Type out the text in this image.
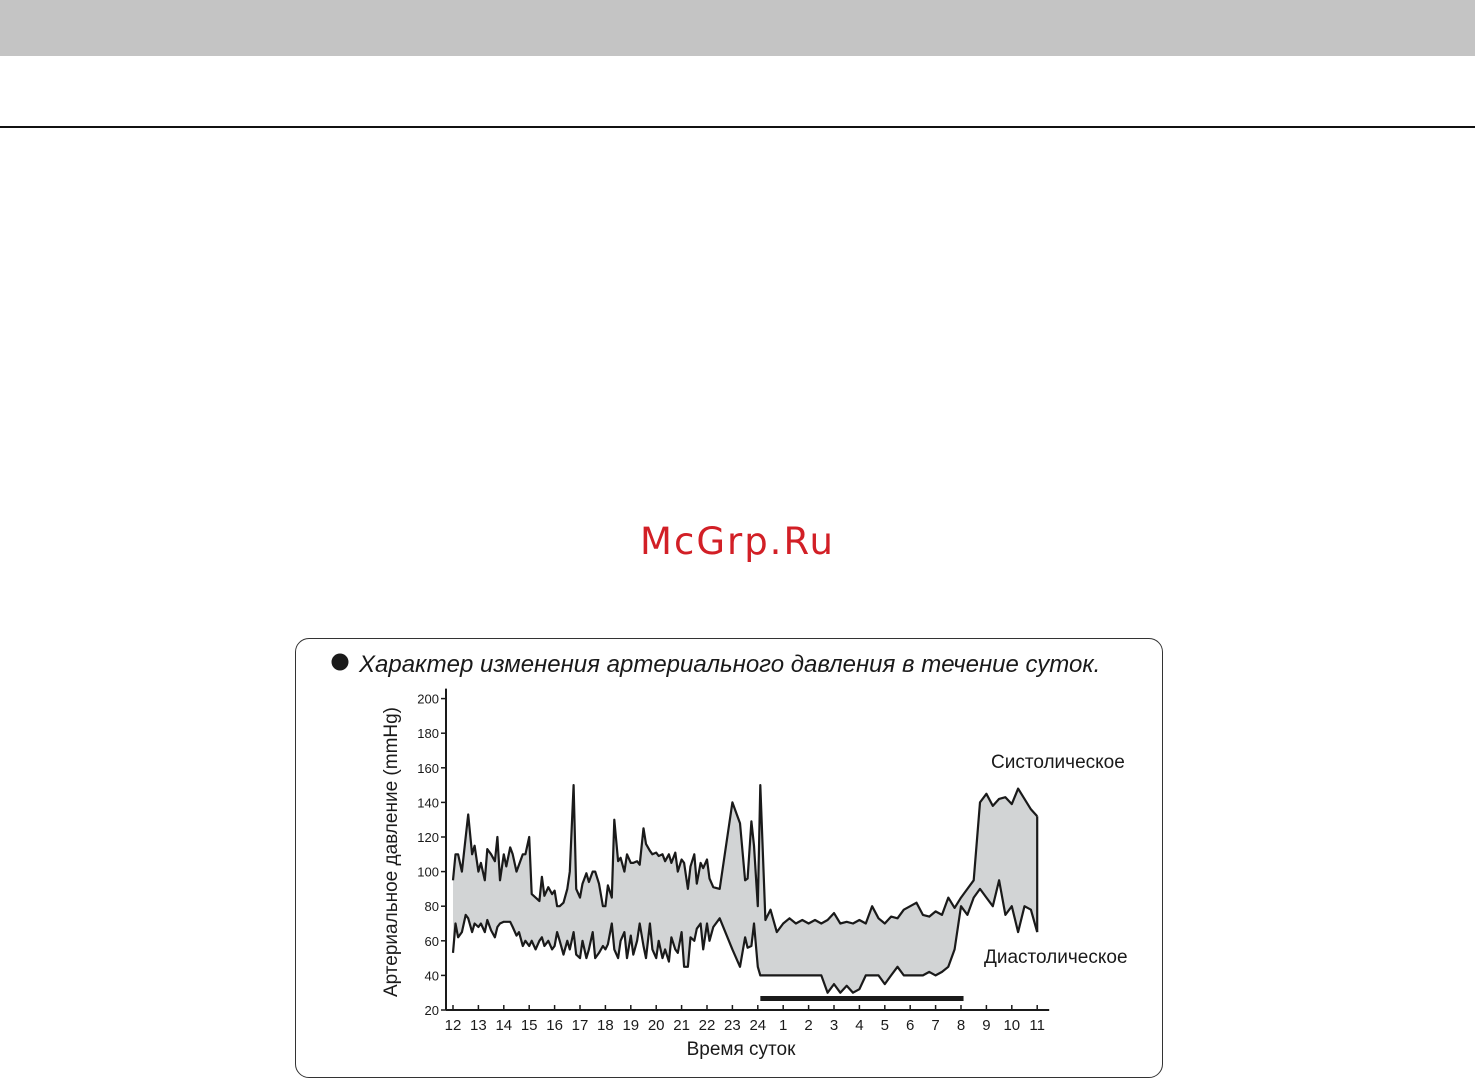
McGrp.Ru
Характер изменения артериального давления в течение суток.
20
40
60
80
100
120
140
160
180
200
12 13 14 15 16 17 18 19 20 21 22 23 24 1 2 3 4 5 6 7 8 9 10 11
Артериальное давление (mmHg)
Время суток
Систолическое
Диастолическое
